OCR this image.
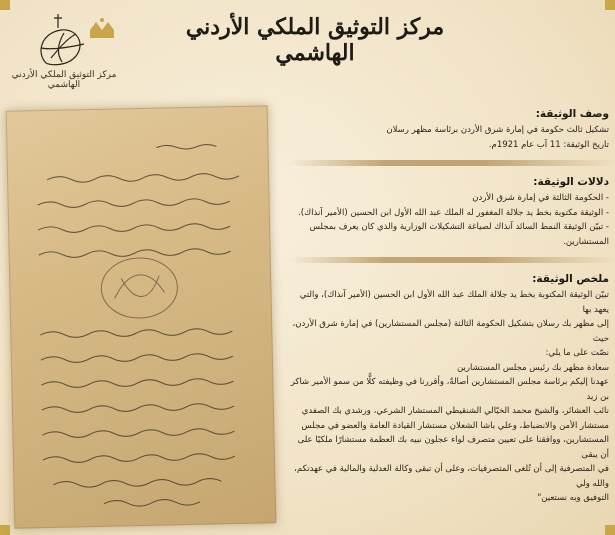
مركز التوثيق الملكي الأردني الهاشمي
مركز التوثيق الملكي الأردني الهاشمي
وصف الوثيقة:
تشكيل ثالث حكومة في إمارة شرق الأردن برئاسة مظهر رسلان
تاريخ الوثيقة: 11 آب عام 1921م.
دلالات الوثيقة:
- الحكومة الثالثة في إمارة شرق الأردن
- الوثيقة مكتوبة بخط يد جلالة المغفور له الملك عبد الله الأول ابن الحسين (الأمير آنذاك).
- تبيّن الوثيقة النمط السائد آنذاك لصياغة التشكيلات الوزارية والذي كان يعرف بمجلس
المستشارين.
ملخص الوثيقة:
تبيّن الوثيقة المكتوبة بخط يد جلالة الملك عبد الله الأول ابن الحسين (الأمير آنذاك)، والتي يعهد بها
إلى مظهر بك رسلان بتشكيل الحكومة الثالثة (مجلس المستشارين) في إمارة شرق الأردن، حيث
نصّت على ما يلي:
سعادة مظهر بك رئيس مجلس المستشارين
عهدنا إليكم برئاسة مجلس المستشارين أصالةً، وأقررنا في وظيفته كلًّا من سمو الأمير شاكر بن زيد
نائب العشائر، والشيخ محمد الخيّالي الشنقيطي المستشار الشرعي، ورشدي بك الصفدي
مستشار الأمن والانضباط، وعلي باشا الشعلان مستشار القيادة العامة والعضو في مجلس
المستشارين، ووافقنا على تعيين متصرف لواء عجلون نبيه بك العظمة مستشارًا ملكيًا على أن يبقى
في المتصرفية إلى أن تُلغى المتصرفيات، وعلى أن تبقى وكالة العدلية والمالية في عهدتكم، والله ولي
التوفيق وبه نستعين"
